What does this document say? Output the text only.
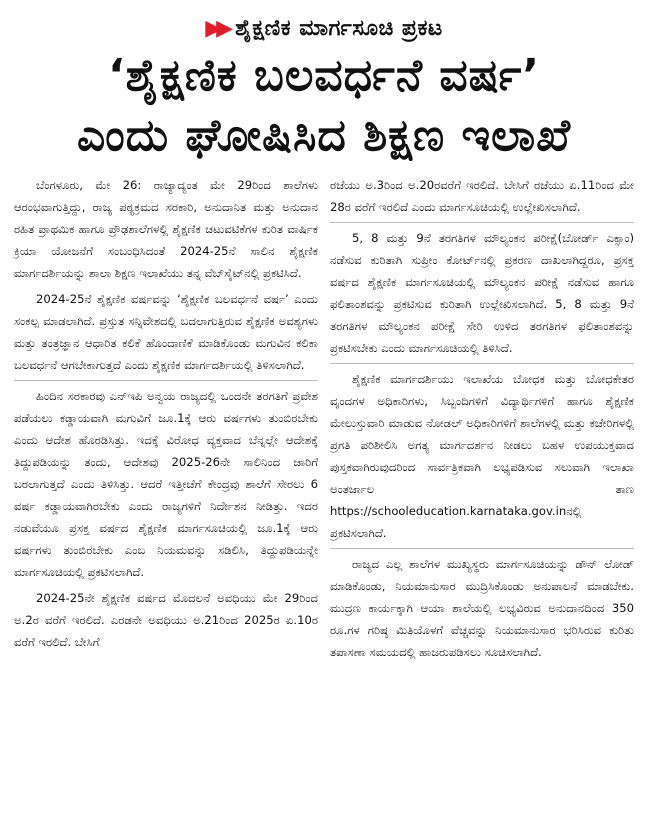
▶▶ ಶೈಕ್ಷಣಿಕ ಮಾರ್ಗಸೂಚಿ ಪ್ರಕಟ
‘ಶೈಕ್ಷಣಿಕ ಬಲವರ್ಧನೆ ವರ್ಷ’
ಎಂದು ಘೋಷಿಸಿದ ಶಿಕ್ಷಣ ಇಲಾಖೆ

ಬೆಂಗಳೂರು, ಮೇ 26: ರಾಜ್ಯಾದ್ಯಂತ ಮೇ 29ರಿಂದ ಶಾಲೆಗಳು ಆರಂಭವಾಗುತ್ತಿದ್ದು, ರಾಜ್ಯ ಪಠ್ಯಕ್ರಮದ ಸರಕಾರಿ, ಅನುದಾನಿತ ಮತ್ತು ಅನುದಾನ ರಹಿತ ಪ್ರಾಥಮಿಕ ಹಾಗೂ ಪ್ರೌಢಶಾಲೆಗಳಲ್ಲಿ ಶೈಕ್ಷಣಿಕ ಚಟುವಟಿಕೆಗಳ ಕುರಿತ ವಾರ್ಷಿಕ ಕ್ರಿಯಾ ಯೋಜನೆಗೆ ಸಂಬಂಧಿಸಿದಂತೆ 2024-25ನೆ ಸಾಲಿನ ಶೈಕ್ಷಣಿಕ ಮಾರ್ಗದರ್ಶಿಯನ್ನು ಶಾಲಾ ಶಿಕ್ಷಣ ಇಲಾಖೆಯು ತನ್ನ ವೆಬ್‌ಸೈಟ್‌ನಲ್ಲಿ ಪ್ರಕಟಿಸಿದೆ.

2024-25ನೆ ಶೈಕ್ಷಣಿಕ ವರ್ಷವನ್ನು ‘ಶೈಕ್ಷಣಿಕ ಬಲವರ್ಧನೆ ವರ್ಷ’ ಎಂದು ಸಂಕಲ್ಪ ಮಾಡಲಾಗಿದೆ. ಪ್ರಸ್ತುತ ಸನ್ನಿವೇಶದಲ್ಲಿ ಬದಲಾಗುತ್ತಿರುವ ಶೈಕ್ಷಣಿಕ ಅವಶ್ಯಗಳು ಮತ್ತು ತಂತ್ರಜ್ಞಾನ ಆಧಾರಿತ ಕಲಿಕೆ ಹೊಂದಾಣಿಕೆ ಮಾಡಿಕೊಂಡು ಮಗುವಿನ ಕಲಿಕಾ ಬಲವರ್ಧನೆ ಆಗಬೇಕಾಗುತ್ತದೆ ಎಂದು ಶೈಕ್ಷಣಿಕ ಮಾರ್ಗದರ್ಶಿಯಲ್ಲಿ ತಿಳಿಸಲಾಗಿದೆ.

ಹಿಂದಿನ ಸರಕಾರವು ಎನ್‌ಇಪಿ ಅನ್ವಯ ರಾಜ್ಯದಲ್ಲಿ ಒಂದನೇ ತರಗತಿಗೆ ಪ್ರವೇಶ ಪಡೆಯಲು ಕಡ್ಡಾಯವಾಗಿ ಮಗುವಿಗೆ ಜೂ.1ಕ್ಕೆ ಆರು ವರ್ಷಗಳು ತುಂಬಿರಬೇಕು ಎಂದು ಆದೇಶ ಹೊರಡಿಸಿತ್ತು. ಇದಕ್ಕೆ ವಿರೋಧ ವ್ಯಕ್ತವಾದ ಬೆನ್ನಲ್ಲೇ ಆದೇಶಕ್ಕೆ ತಿದ್ದುಪಡಿಯನ್ನು ತಂದು, ಆದೇಶವು 2025-26ನೇ ಸಾಲಿನಿಂದ ಜಾರಿಗೆ ಬರಲಾಗುತ್ತದೆ ಎಂದು ತಿಳಿಸಿತ್ತು. ಆದರೆ ಇತ್ತೀಚೆಗೆ ಕೇಂದ್ರವು ಶಾಲೆಗೆ ಸೇರಲು 6 ವರ್ಷ ಕಡ್ಡಾಯವಾಗಿರಬೇಕು ಎಂದು ರಾಜ್ಯಗಳಿಗೆ ನಿರ್ದೇಶನ ನೀಡಿತ್ತು. ಇದರ ನಡುವೆಯೂ ಪ್ರಸಕ್ತ ವರ್ಷದ ಶೈಕ್ಷಣಿಕ ಮಾರ್ಗಸೂಚಿಯಲ್ಲಿ ಜೂ.1ಕ್ಕೆ ಆರು ವರ್ಷಗಳು ತುಂಬಿರಬೇಕು ಎಂಬ ನಿಯಮವನ್ನು ಸಡಿಲಿಸಿ, ತಿದ್ದುಪಡಿಯನ್ನೇ ಮಾರ್ಗಸೂಚಿಯಲ್ಲಿ ಪ್ರಕಟಿಸಲಾಗಿದೆ.

2024-25ನೇ ಶೈಕ್ಷಣಿಕ ವರ್ಷದ ಮೊದಲನೆ ಅವಧಿಯು ಮೇ 29ರಿಂದ ಅ.2ರ ವರೆಗೆ ಇರಲಿದೆ. ಎರಡನೇ ಅವಧಿಯು ಅ.21ರಿಂದ 2025ರ ಏ.10ರ ವರೆಗೆ ಇರಲಿದೆ. ಬೇಸಿಗೆ

ರಜೆಯು ಅ.3ರಿಂದ ಅ.20ರವರೆಗೆ ಇರಲಿದೆ. ಬೇಸಿಗೆ ರಜೆಯು ಏ.11ರಿಂದ ಮೇ 28ರ ವರೆಗೆ ಇರಲಿದೆ ಎಂದು ಮಾರ್ಗಸೂಚಿಯಲ್ಲಿ ಉಲ್ಲೇಖಿಸಲಾಗಿದೆ.

5, 8 ಮತ್ತು 9ನೆ ತರಗತಿಗಳ ಮೌಲ್ಯಂಕನ ಪರೀಕ್ಷೆ(ಬೋರ್ಡ್ ಎಕ್ಸಾಂ) ನಡೆಸುವ ಕುರಿತಾಗಿ ಸುಪ್ರೀಂ ಕೋರ್ಟ್‌ನಲ್ಲಿ ಪ್ರಕರಣ ದಾಖಲಾಗಿದ್ದರೂ, ಪ್ರಸಕ್ತ ವರ್ಷದ ಶೈಕ್ಷಣಿಕ ಮಾರ್ಗಸೂಚಿಯಲ್ಲಿ ಮೌಲ್ಯಂಕನ ಪರೀಕ್ಷೆ ನಡೆಸುವ ಹಾಗೂ ಫಲಿತಾಂಶವನ್ನು ಪ್ರಕಟಿಸುವ ಕುರಿತಾಗಿ ಉಲ್ಲೇಖಿಸಲಾಗಿದೆ. 5, 8 ಮತ್ತು 9ನೆ ತರಗತಿಗಳ ಮೌಲ್ಯಂಕನ ಪರೀಕ್ಷೆ ಸೇರಿ ಉಳಿದ ತರಗತಿಗಳ ಫಲಿತಾಂಶವನ್ನು ಪ್ರಕಟಿಸಬೇಕು ಎಂದು ಮಾರ್ಗಸೂಚಿಯಲ್ಲಿ ತಿಳಿಸಿದೆ.

ಶೈಕ್ಷಣಿಕ ಮಾರ್ಗದರ್ಶಿಯು ಇಲಾಖೆಯ ಬೋಧಕ ಮತ್ತು ಬೋಧಕೇತರ ವೃಂದಗಳ ಅಧಿಕಾರಿಗಳು, ಸಿಬ್ಬಂದಿಗಳಿಗೆ ವಿದ್ಯಾರ್ಥಿಗಳಿಗೆ ಹಾಗೂ ಶೈಕ್ಷಣಿಕ ಮೇಲುಸ್ತುವಾರಿ ಮಾಡುವ ನೋಡಲ್ ಅಧಿಕಾರಿಗಳಿಗೆ ಶಾಲೆಗಳಲ್ಲಿ ಮತ್ತು ಕಚೇರಿಗಳಲ್ಲಿ ಪ್ರಗತಿ ಪರಿಶೀಲಿಸಿ ಅಗತ್ಯ ಮಾರ್ಗದರ್ಶನ ನೀಡಲು ಬಹಳ ಉಪಯುಕ್ತವಾದ ಪುಸ್ತಕವಾಗಿರುವುದರಿಂದ ಸಾರ್ವತ್ರಿಕವಾಗಿ ಲಭ್ಯಪಡಿಸುವ ಸಲುವಾಗಿ ಇಲಾಖಾ ಅಂತರ್ಜಾಲ ತಾಣ https://schooleducation.karnataka.gov.inನಲ್ಲಿ ಪ್ರಕಟಿಸಲಾಗಿದೆ.

ರಾಜ್ಯದ ಎಲ್ಲ ಶಾಲೆಗಳ ಮುಖ್ಯಸ್ಥರು ಮಾರ್ಗಸೂಚಿಯನ್ನು ಡೌನ್ ಲೋಡ್ ಮಾಡಿಕೊಂಡು, ನಿಯಮಾನುಸಾರ ಮುದ್ರಿಸಿಕೊಂಡು ಅನುಪಾಲನೆ ಮಾಡಬೇಕು. ಮುದ್ರಣ ಕಾರ್ಯಕ್ಕಾಗಿ ಆಯಾ ಶಾಲೆಯಲ್ಲಿ ಲಭ್ಯವಿರುವ ಅನುದಾನದಿಂದ 350 ರೂ.ಗಳ ಗರಿಷ್ಠ ಮಿತಿಯೊಳಗೆ ವೆಚ್ಚವನ್ನು ನಿಯಮಾನುಸಾರ ಭರಿಸಿರುವ ಕುರಿತು ತಪಾಸಣಾ ಸಮಯದಲ್ಲಿ ಹಾಜರುಪಡಿಸಲು ಸೂಚಿಸಲಾಗಿದೆ.
